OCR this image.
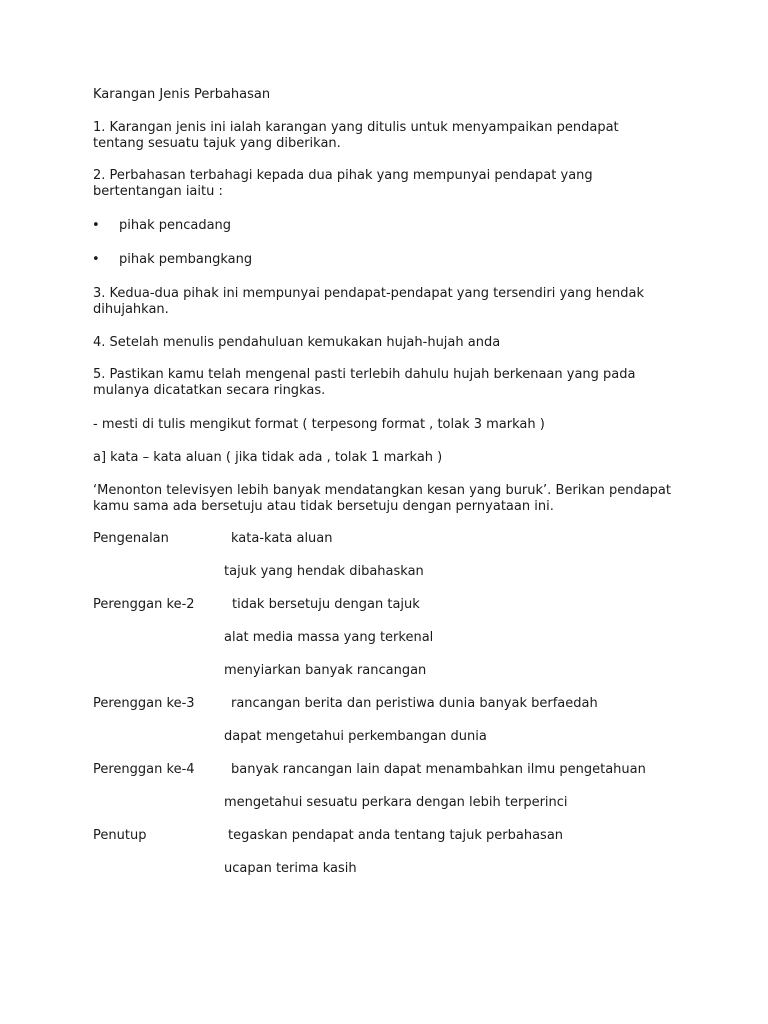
Karangan Jenis Perbahasan
1. Karangan jenis ini ialah karangan yang ditulis untuk menyampaikan pendapat
tentang sesuatu tajuk yang diberikan.
2. Perbahasan terbahagi kepada dua pihak yang mempunyai pendapat yang
bertentangan iaitu :
• pihak pencadang
• pihak pembangkang
3. Kedua-dua pihak ini mempunyai pendapat-pendapat yang tersendiri yang hendak
dihujahkan.
4. Setelah menulis pendahuluan kemukakan hujah-hujah anda
5. Pastikan kamu telah mengenal pasti terlebih dahulu hujah berkenaan yang pada
mulanya dicatatkan secara ringkas.
- mesti di tulis mengikut format ( terpesong format , tolak 3 markah )
a] kata – kata aluan ( jika tidak ada , tolak 1 markah )
‘Menonton televisyen lebih banyak mendatangkan kesan yang buruk’. Berikan pendapat
kamu sama ada bersetuju atau tidak bersetuju dengan pernyataan ini.
Pengenalan	kata-kata aluan
tajuk yang hendak dibahaskan
Perenggan ke-2	tidak bersetuju dengan tajuk
alat media massa yang terkenal
menyiarkan banyak rancangan
Perenggan ke-3	rancangan berita dan peristiwa dunia banyak berfaedah
dapat mengetahui perkembangan dunia
Perenggan ke-4	banyak rancangan lain dapat menambahkan ilmu pengetahuan
mengetahui sesuatu perkara dengan lebih terperinci
Penutup	tegaskan pendapat anda tentang tajuk perbahasan
ucapan terima kasih
